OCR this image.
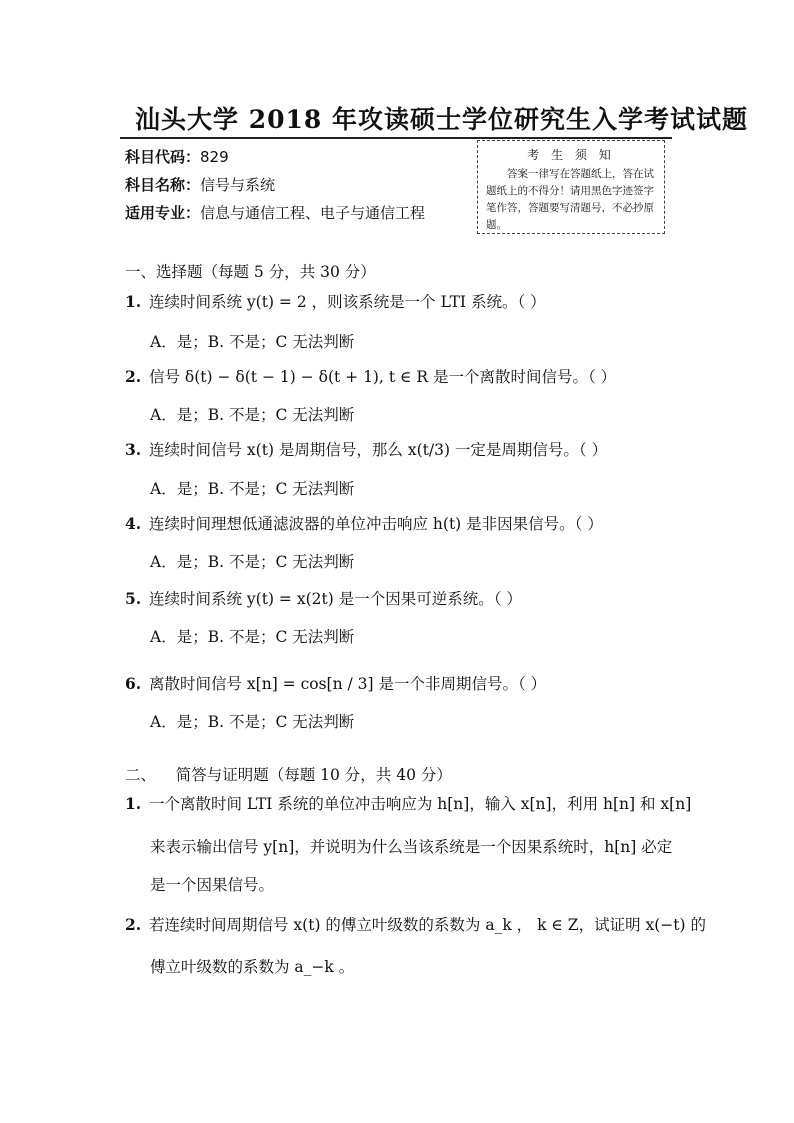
汕头大学 2018 年攻读硕士学位研究生入学考试试题
科目代码：829
科目名称：信号与系统
适用专业：信息与通信工程、电子与通信工程
考 生 须 知
答案一律写在答题纸上，答在试题纸上的不得分！请用黑色字迹签字笔作答，答题要写清题号，不必抄原题。
一、选择题（每题 5 分，共 30 分）
1. 连续时间系统 y(t) = 2 ，则该系统是一个 LTI 系统。（ ）
A．是；B. 不是；C 无法判断
2. 信号 δ(t) − δ(t − 1) − δ(t + 1), t ∈ R 是一个离散时间信号。（ ）
A．是；B. 不是；C 无法判断
3. 连续时间信号 x(t) 是周期信号，那么 x(t/3) 一定是周期信号。（ ）
A．是；B. 不是；C 无法判断
4. 连续时间理想低通滤波器的单位冲击响应 h(t) 是非因果信号。（ ）
A．是；B. 不是；C 无法判断
5. 连续时间系统 y(t) = x(2t) 是一个因果可逆系统。（ ）
A．是；B. 不是；C 无法判断
6. 离散时间信号 x[n] = cos[n / 3] 是一个非周期信号。（ ）
A．是；B. 不是；C 无法判断
二、    简答与证明题（每题 10 分，共 40 分）
1. 一个离散时间 LTI 系统的单位冲击响应为 h[n]，输入 x[n]，利用 h[n] 和 x[n]
来表示输出信号 y[n]，并说明为什么当该系统是一个因果系统时，h[n] 必定
是一个因果信号。
2. 若连续时间周期信号 x(t) 的傅立叶级数的系数为 a_k ， k ∈ Z，试证明 x(−t) 的
傅立叶级数的系数为 a_−k 。
